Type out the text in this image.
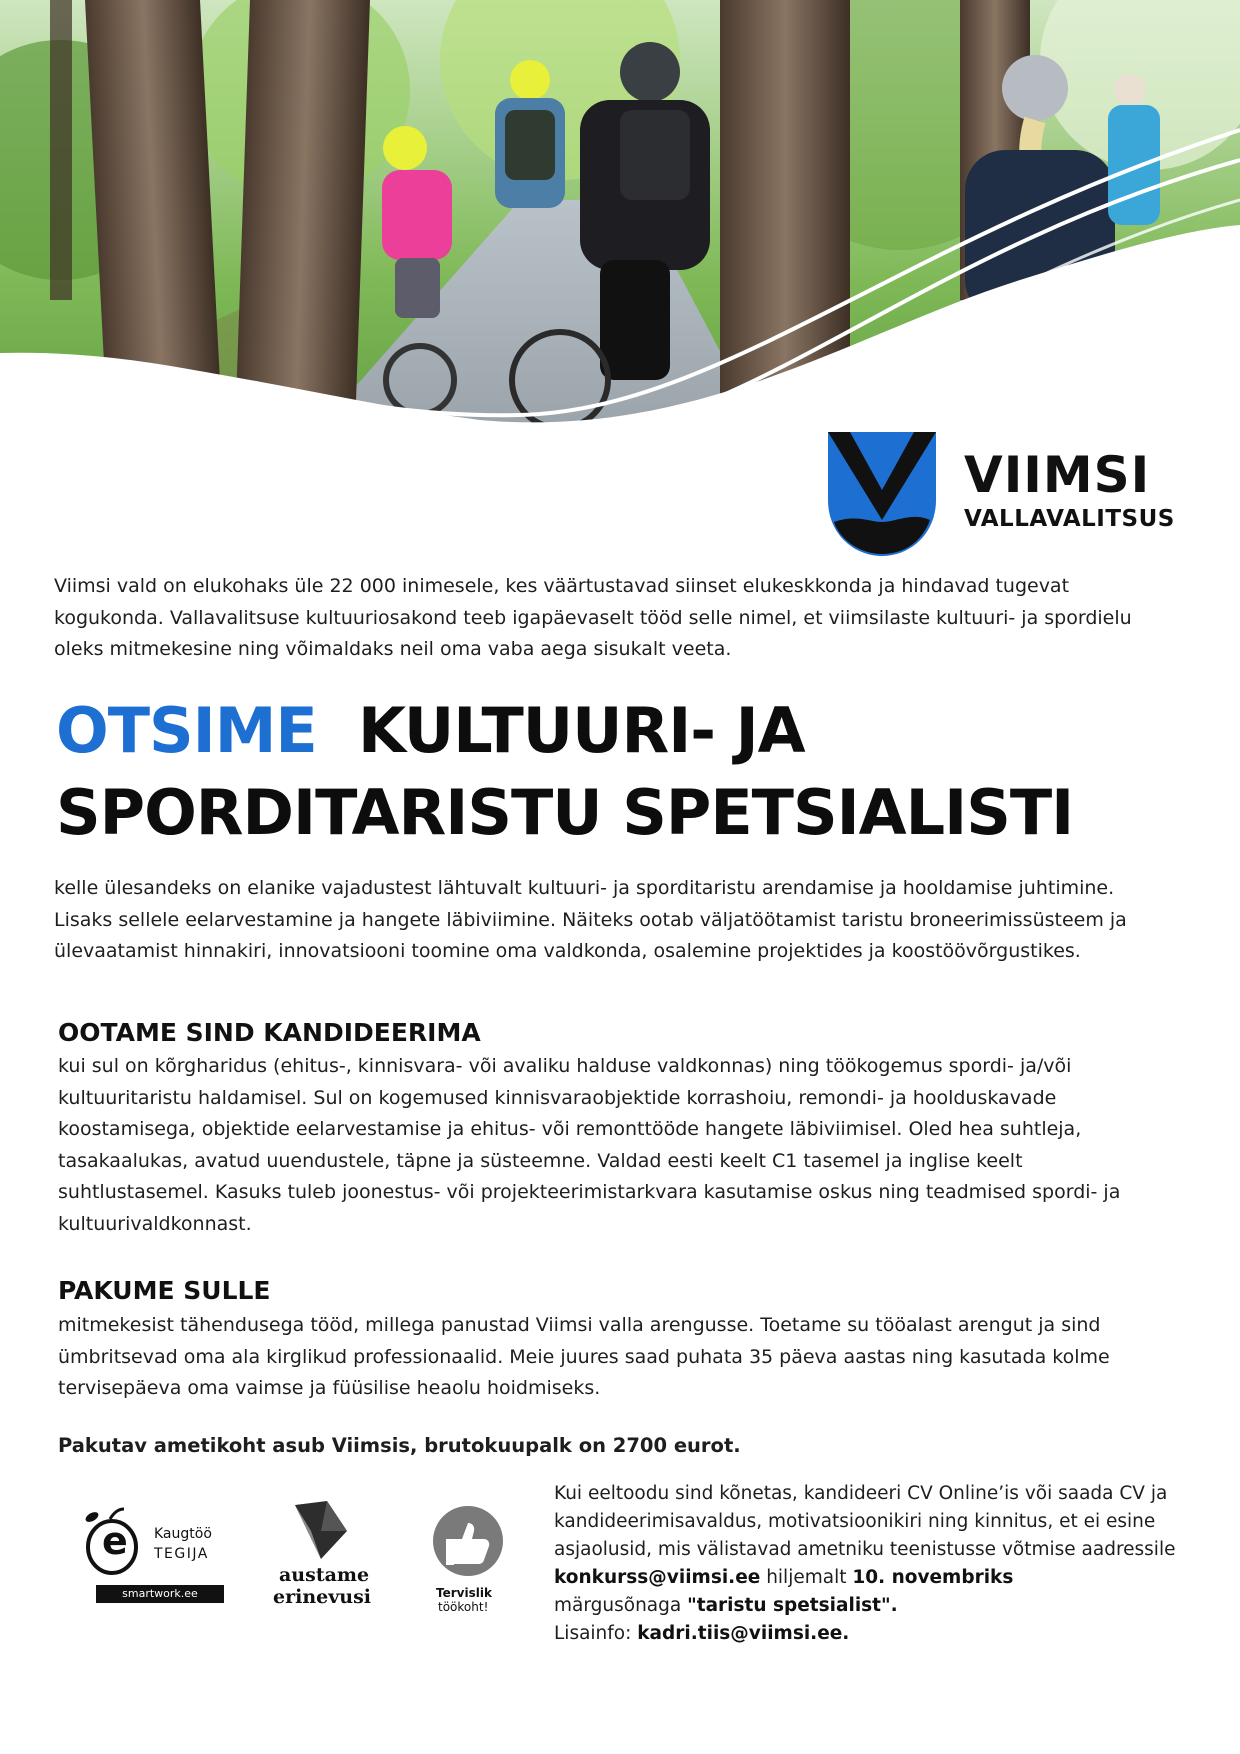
VIIMSI
VALLAVALITSUS

Viimsi vald on elukohaks üle 22 000 inimesele, kes väärtustavad siinset elukeskkonda ja hindavad tugevat kogukonda. Vallavalitsuse kultuuriosakond teeb igapäevaselt tööd selle nimel, et viimsilaste kultuuri- ja spordielu oleks mitmekesine ning võimaldaks neil oma vaba aega sisukalt veeta.

OTSIME KULTUURI- JA
SPORDITARISTU SPETSIALISTI

kelle ülesandeks on elanike vajadustest lähtuvalt kultuuri- ja sporditaristu arendamise ja hooldamise juhtimine. Lisaks sellele eelarvestamine ja hangete läbiviimine. Näiteks ootab väljatöötamist taristu broneerimissüsteem ja ülevaatamist hinnakiri, innovatsiooni toomine oma valdkonda, osalemine projektides ja koostöövõrgustikes.

OOTAME SIND KANDIDEERIMA

kui sul on kõrgharidus (ehitus-, kinnisvara- või avaliku halduse valdkonnas) ning töökogemus spordi- ja/või kultuuritaristu haldamisel. Sul on kogemused kinnisvaraobjektide korrashoiu, remondi- ja hoolduskavade koostamisega, objektide eelarvestamise ja ehitus- või remonttööde hangete läbiviimisel. Oled hea suhtleja, tasakaalukas, avatud uuendustele, täpne ja süsteemne. Valdad eesti keelt C1 tasemel ja inglise keelt suhtlustasemel. Kasuks tuleb joonestus- või projekteerimistarkvara kasutamise oskus ning teadmised spordi- ja kultuurivaldkonnast.

PAKUME SULLE

mitmekesist tähendusega tööd, millega panustad Viimsi valla arengusse. Toetame su tööalast arengut ja sind ümbritsevad oma ala kirglikud professionaalid. Meie juures saad puhata 35 päeva aastas ning kasutada kolme tervisepäeva oma vaimse ja füüsilise heaolu hoidmiseks.

Pakutav ametikoht asub Viimsis, brutokuupalk on 2700 eurot.

e Kaugtöö
TEGIJA
smartwork.ee
austame
erinevusi	Tervislik
töökoht!

Kui eeltoodu sind kõnetas, kandideeri CV Online’is või saada CV ja kandideerimisavaldus, motivatsioonikiri ning kinnitus, et ei esine asjaolusid, mis välistavad ametniku teenistusse võtmise aadressile konkurss@viimsi.ee hiljemalt 10. novembriks
märgusõnaga "taristu spetsialist".
Lisainfo: kadri.tiis@viimsi.ee.
